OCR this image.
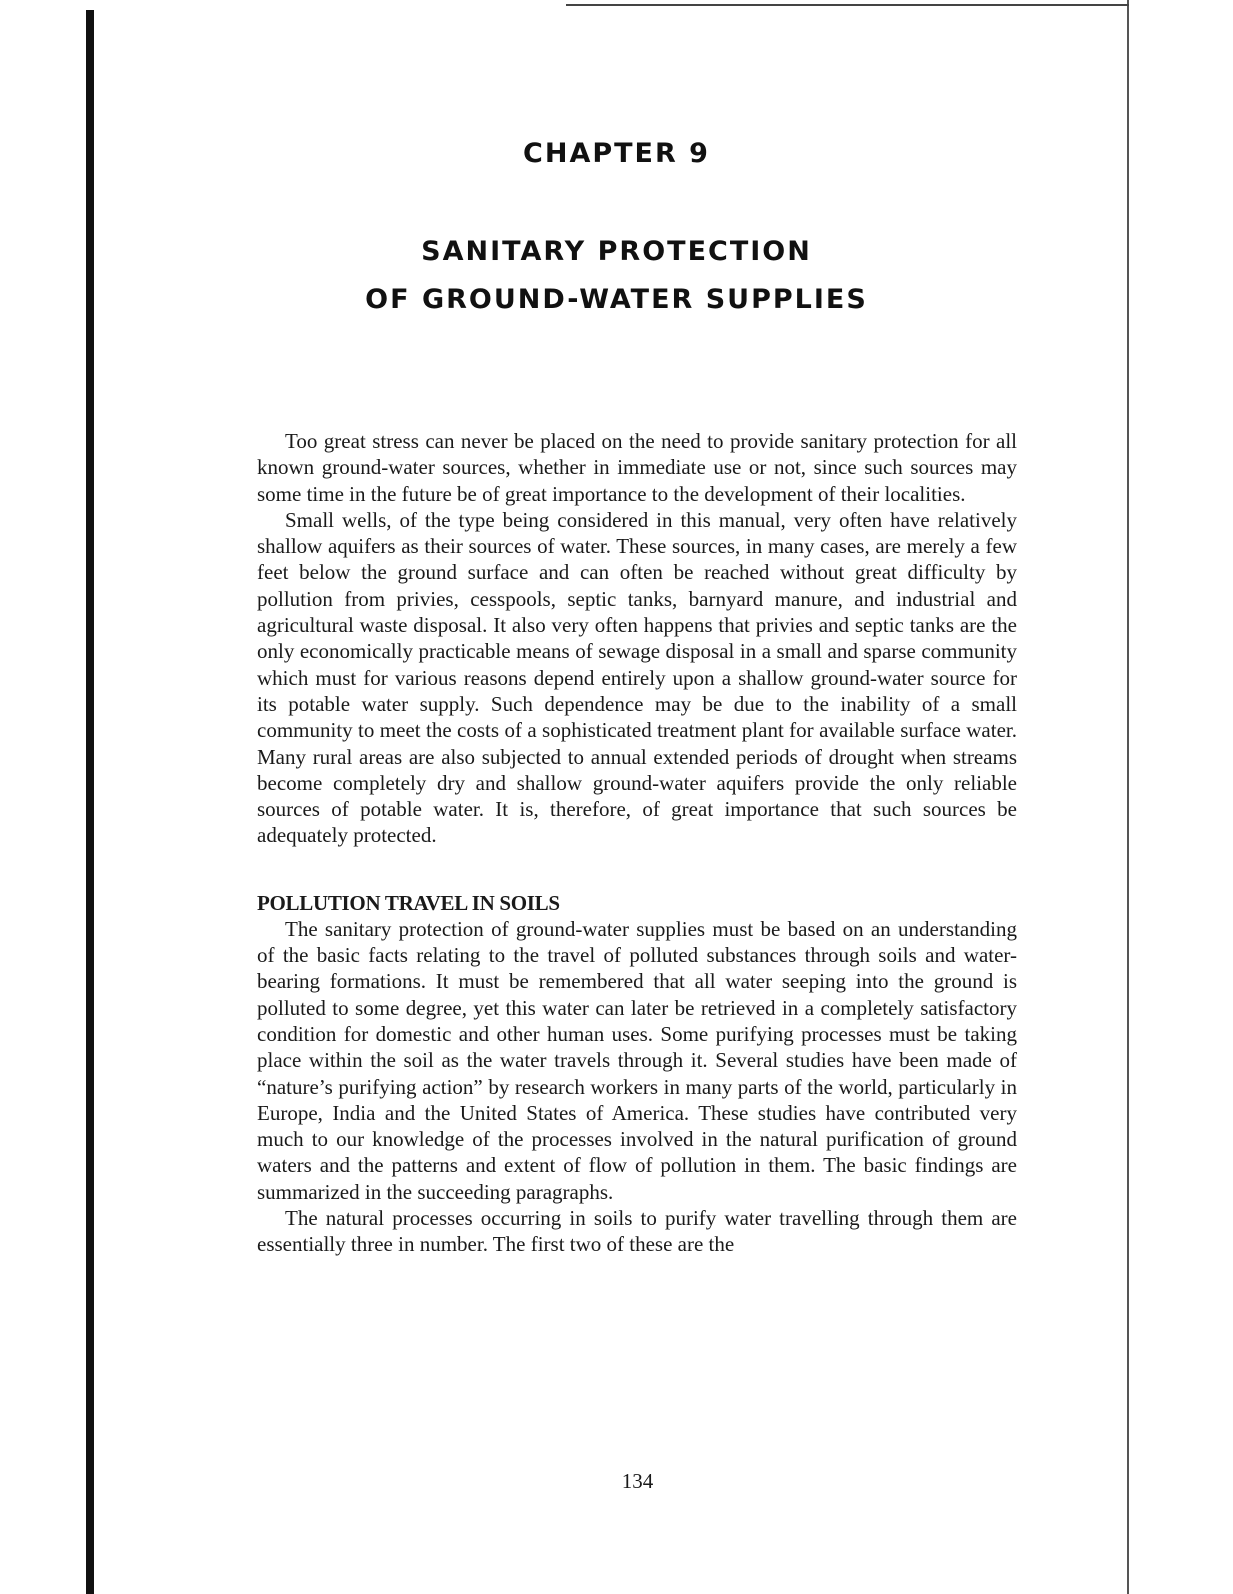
CHAPTER 9
SANITARY PROTECTION
OF GROUND-WATER SUPPLIES

Too great stress can never be placed on the need to provide sanitary protection for all known ground-water sources, whether in immediate use or not, since such sources may some time in the future be of great importance to the development of their localities.

Small wells, of the type being considered in this manual, very often have relatively shallow aquifers as their sources of water. These sources, in many cases, are merely a few feet below the ground surface and can often be reached without great difficulty by pollution from privies, cesspools, septic tanks, barnyard manure, and industrial and agricultural waste disposal. It also very often happens that privies and septic tanks are the only economically practicable means of sewage disposal in a small and sparse community which must for various reasons depend entirely upon a shallow ground-water source for its potable water supply. Such dependence may be due to the inability of a small community to meet the costs of a sophisticated treatment plant for available surface water. Many rural areas are also subjected to annual extended periods of drought when streams become completely dry and shallow ground-water aquifers provide the only reliable sources of potable water. It is, therefore, of great importance that such sources be adequately protected.

POLLUTION TRAVEL IN SOILS

The sanitary protection of ground-water supplies must be based on an understanding of the basic facts relating to the travel of polluted substances through soils and water-bearing formations. It must be remembered that all water seeping into the ground is polluted to some degree, yet this water can later be retrieved in a completely satisfactory condition for domestic and other human uses. Some purifying processes must be taking place within the soil as the water travels through it. Several studies have been made of “nature’s purifying action” by research workers in many parts of the world, particularly in Europe, India and the United States of America. These studies have contributed very much to our knowledge of the processes involved in the natural purification of ground waters and the patterns and extent of flow of pollution in them. The basic findings are summarized in the succeeding paragraphs.

The natural processes occurring in soils to purify water travelling through them are essentially three in number. The first two of these are the

134
